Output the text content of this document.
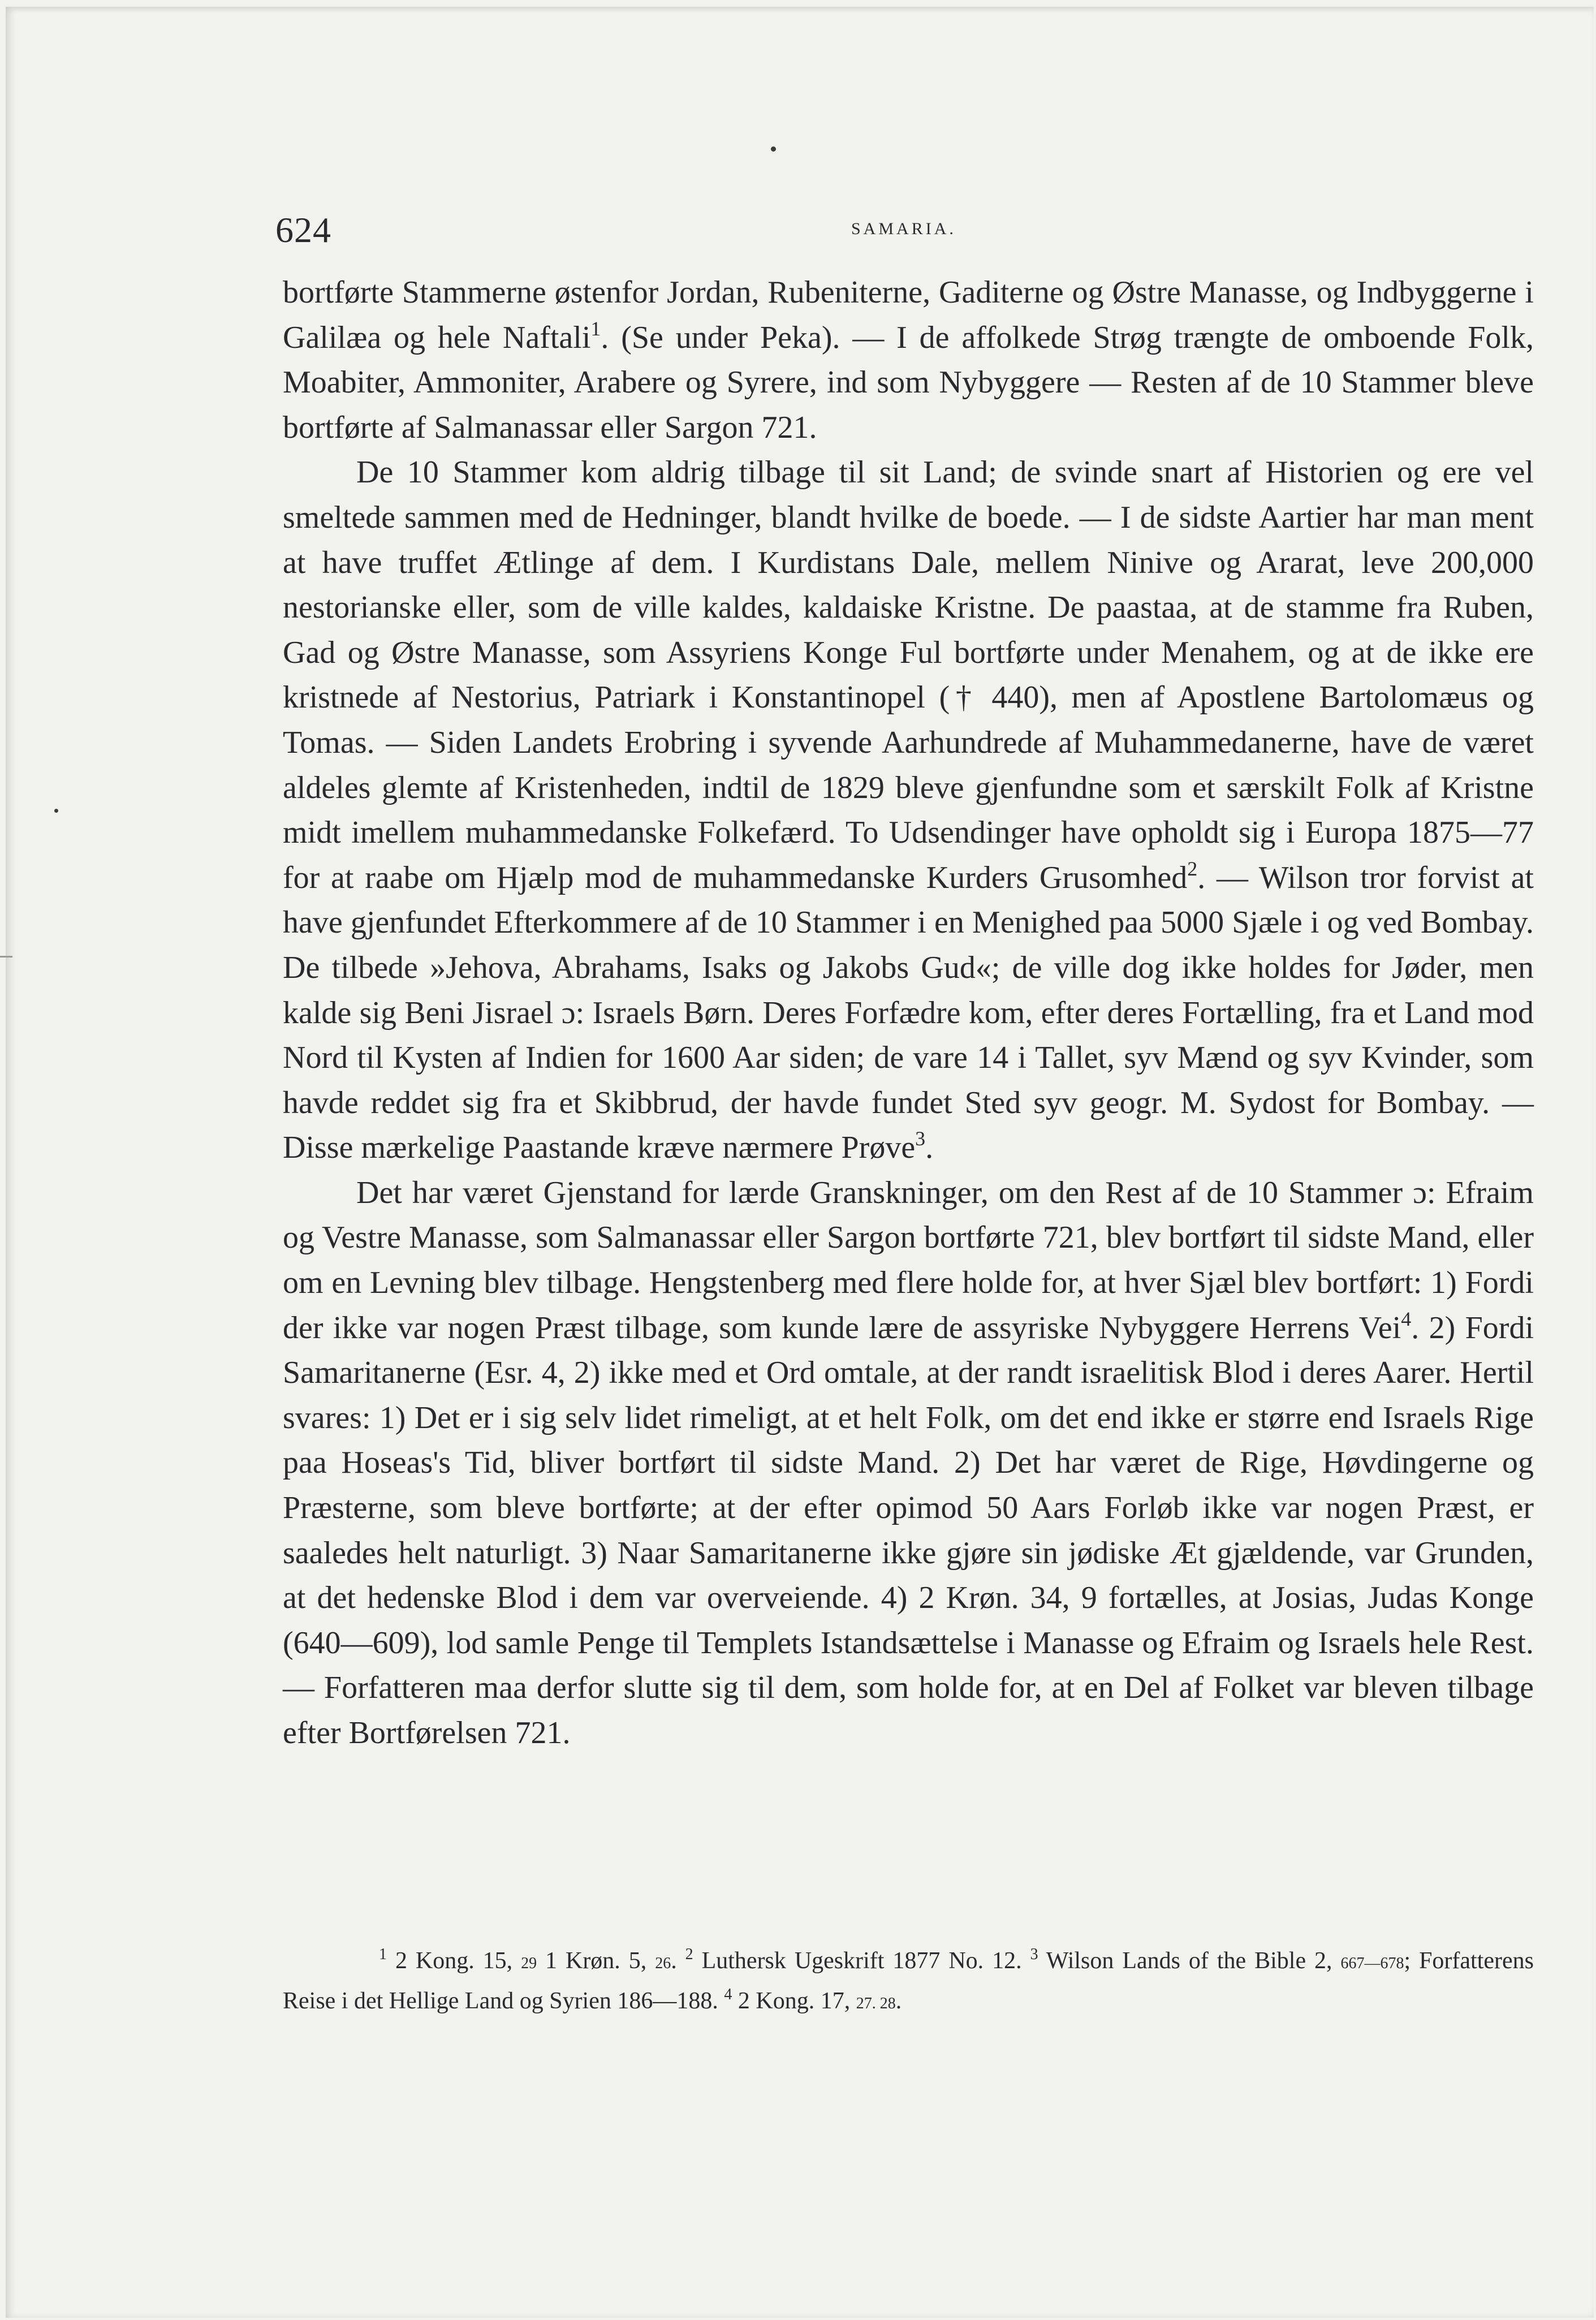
624	SAMARIA.

bortførte Stammerne østenfor Jordan, Rubeniterne, Gaditerne og Østre Manasse, og Indbyggerne i Galilæa og hele Naftali$^1$. (Se under Peka). — I de affolkede Strøg trængte de omboende Folk, Moabiter, Ammoniter, Arabere og Syrere, ind som Nybyggere — Resten af de 10 Stammer bleve bortførte af Salmanassar eller Sargon 721.

De 10 Stammer kom aldrig tilbage til sit Land; de svinde snart af Historien og ere vel smeltede sammen med de Hedninger, blandt hvilke de boede. — I de sidste Aartier har man ment at have truffet Ætlinge af dem. I Kurdistans Dale, mellem Ninive og Ararat, leve 200,000 nestorianske eller, som de ville kaldes, kaldaiske Kristne. De paastaa, at de stamme fra Ruben, Gad og Østre Manasse, som Assyriens Konge Ful bortførte under Menahem, og at de ikke ere kristnede af Nestorius, Patriark i Konstantinopel († 440), men af Apostlene Bartolomæus og Tomas. — Siden Landets Erobring i syvende Aarhundrede af Muhammedanerne, have de været aldeles glemte af Kristenheden, indtil de 1829 bleve gjenfundne som et særskilt Folk af Kristne midt imellem muhammedanske Folkefærd. To Udsendinger have opholdt sig i Europa 1875—77 for at raabe om Hjælp mod de muhammedanske Kurders Grusomhed$^2$. — Wilson tror forvist at have gjenfundet Efterkommere af de 10 Stammer i en Menighed paa 5000 Sjæle i og ved Bombay. De tilbede »Jehova, Abrahams, Isaks og Jakobs Gud«; de ville dog ikke holdes for Jøder, men kalde sig Beni Jisrael ɔ: Israels Børn. Deres Forfædre kom, efter deres Fortælling, fra et Land mod Nord til Kysten af Indien for 1600 Aar siden; de vare 14 i Tallet, syv Mænd og syv Kvinder, som havde reddet sig fra et Skibbrud, der havde fundet Sted syv geogr. M. Sydost for Bombay. — Disse mærkelige Paastande kræve nærmere Prøve$^3$.

Det har været Gjenstand for lærde Granskninger, om den Rest af de 10 Stammer ɔ: Efraim og Vestre Manasse, som Salmanassar eller Sargon bortførte 721, blev bortført til sidste Mand, eller om en Levning blev tilbage. Hengstenberg med flere holde for, at hver Sjæl blev bortført: 1) Fordi der ikke var nogen Præst tilbage, som kunde lære de assyriske Nybyggere Herrens Vei$^4$. 2) Fordi Samaritanerne (Esr. 4, 2) ikke med et Ord omtale, at der randt israelitisk Blod i deres Aarer. Hertil svares: 1) Det er i sig selv lidet rimeligt, at et helt Folk, om det end ikke er større end Israels Rige paa Hoseas's Tid, bliver bortført til sidste Mand. 2) Det har været de Rige, Høvdingerne og Præsterne, som bleve bortførte; at der efter opimod 50 Aars Forløb ikke var nogen Præst, er saaledes helt naturligt. 3) Naar Samaritanerne ikke gjøre sin jødiske Æt gjældende, var Grunden, at det hedenske Blod i dem var overveiende. 4) 2 Krøn. 34, 9 fortælles, at Josias, Judas Konge (640—609), lod samle Penge til Templets Istandsættelse i Manasse og Efraim og Israels hele Rest. — Forfatteren maa derfor slutte sig til dem, som holde for, at en Del af Folket var bleven tilbage efter Bortførelsen 721.

$^1$ 2 Kong. 15, 29 1 Krøn. 5, 26. $^2$ Luthersk Ugeskrift 1877 No. 12. $^3$ Wilson Lands of the Bible 2, 667—678; Forfatterens Reise i det Hellige Land og Syrien 186—188. $^4$ 2 Kong. 17, 27. 28.
